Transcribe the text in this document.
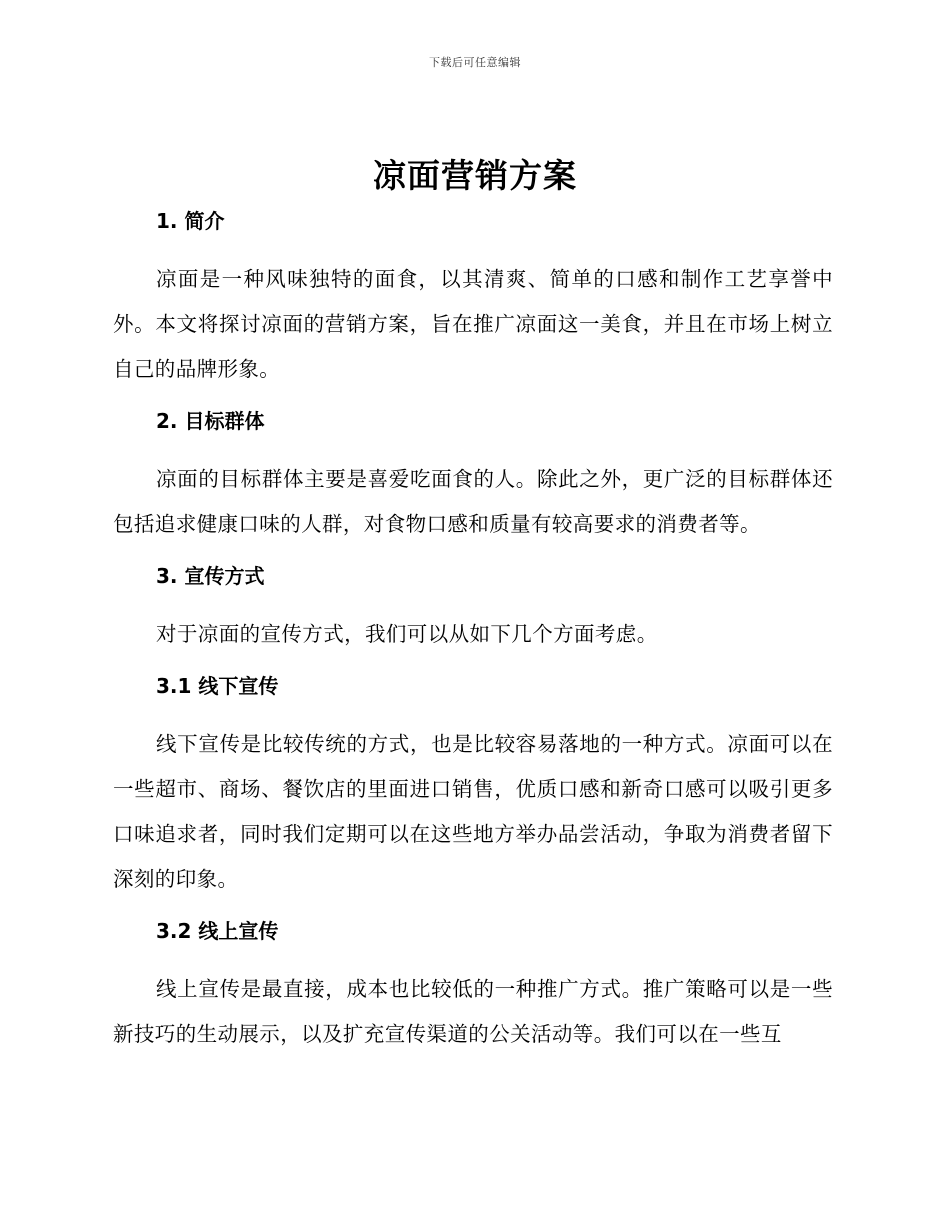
下载后可任意编辑
凉面营销方案
1. 简介

凉面是一种风味独特的面食，以其清爽、简单的口感和制作工艺享誉中外。本文将探讨凉面的营销方案，旨在推广凉面这一美食，并且在市场上树立自己的品牌形象。

2. 目标群体

凉面的目标群体主要是喜爱吃面食的人。除此之外，更广泛的目标群体还包括追求健康口味的人群，对食物口感和质量有较高要求的消费者等。

3. 宣传方式

对于凉面的宣传方式，我们可以从如下几个方面考虑。

3.1 线下宣传

线下宣传是比较传统的方式，也是比较容易落地的一种方式。凉面可以在一些超市、商场、餐饮店的里面进口销售，优质口感和新奇口感可以吸引更多口味追求者，同时我们定期可以在这些地方举办品尝活动，争取为消费者留下深刻的印象。

3.2 线上宣传

线上宣传是最直接，成本也比较低的一种推广方式。推广策略可以是一些新技巧的生动展示，以及扩充宣传渠道的公关活动等。我们可以在一些互
